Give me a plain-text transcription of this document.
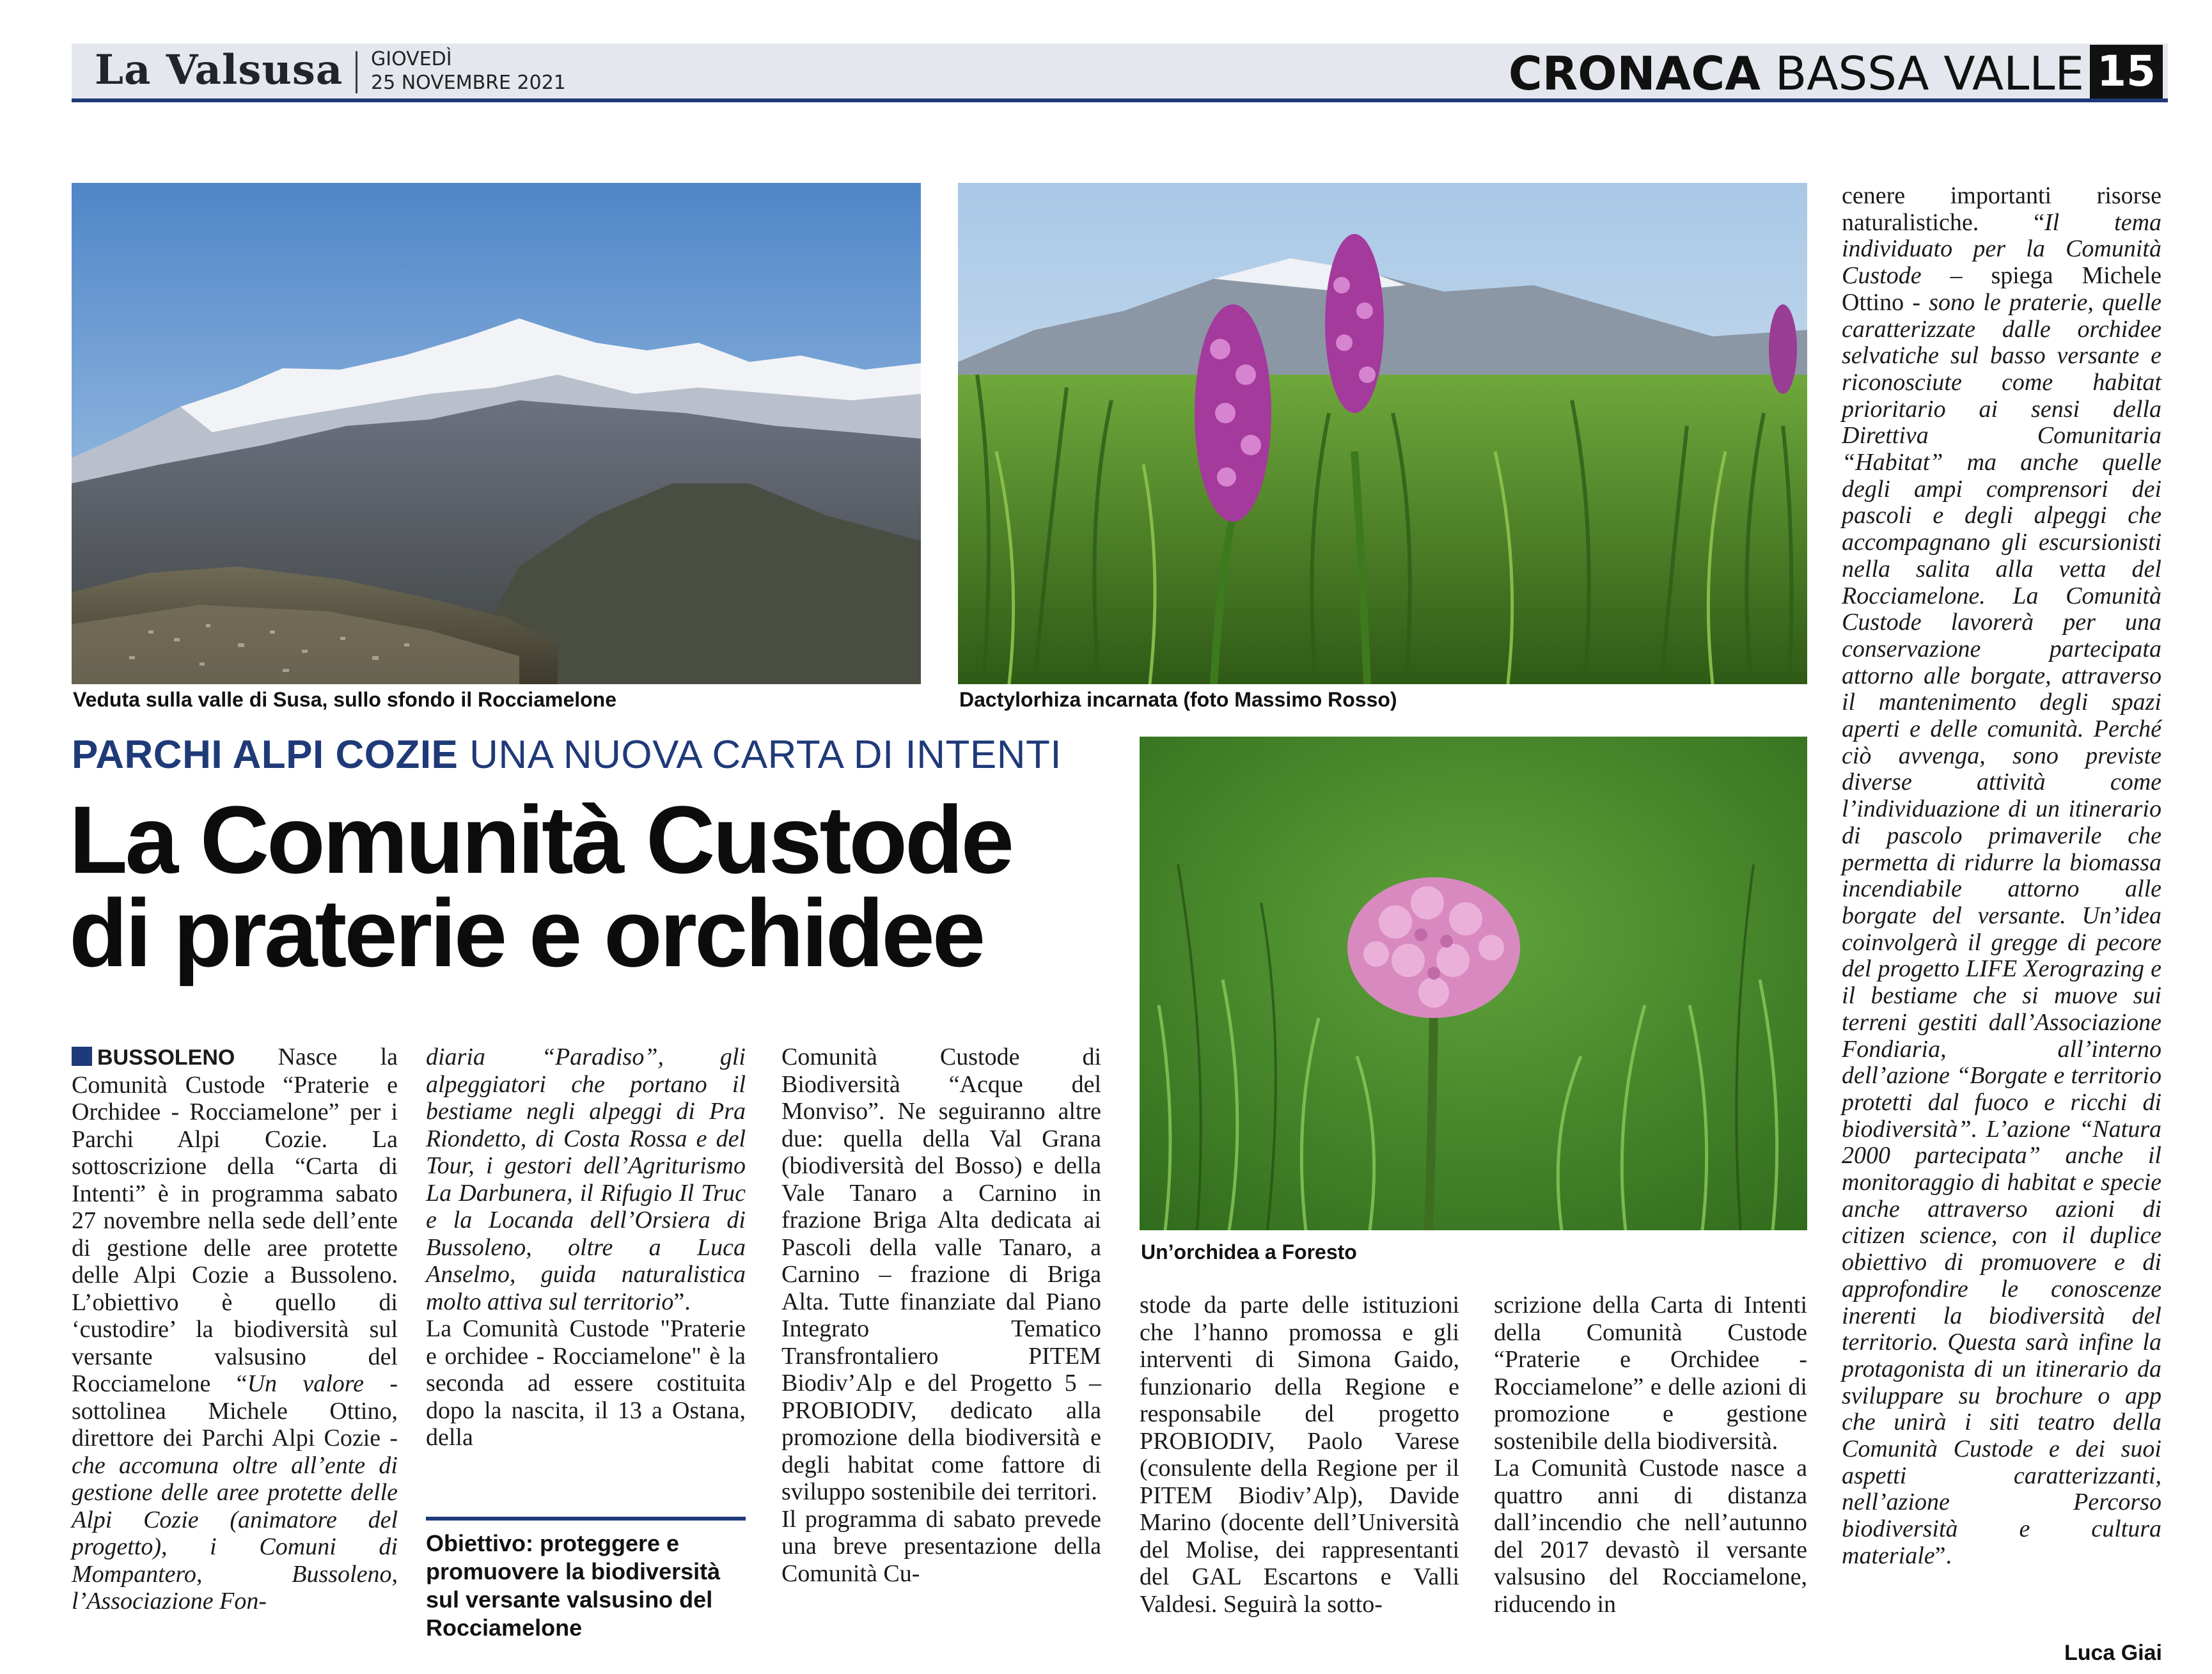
La Valsusa GIOVEDÌ
25 NOVEMBRE 2021	CRONACA BASSA VALLE 15
Veduta sulla valle di Susa, sullo sfondo il Rocciamelone	Dactylorhiza incarnata (foto Massimo Rosso)
PARCHI ALPI COZIE UNA NUOVA CARTA DI INTENTI
La Comunità Custode
di praterie e orchidee
Un’orchidea a Foresto

BUSSOLENO Nasce la Comunità Custode “Praterie e Orchidee - Rocciamelone” per i Parchi Alpi Cozie. La sottoscrizione della “Carta di Intenti” è in programma sabato 27 novembre nella sede dell’ente di gestione delle aree protette delle Alpi Cozie a Bussoleno. L’obiettivo è quello di ‘custodire’ la biodiversità sul versante valsusino del Rocciamelone “Un valore - sottolinea Michele Ottino, direttore dei Parchi Alpi Cozie - che accomuna oltre all’ente di gestione delle aree protette delle Alpi Cozie (animatore del progetto), i Comuni di Mompantero, Bussoleno, l’Associazione Fon-

diaria “Paradiso”, gli alpeggiatori che portano il bestiame negli alpeggi di Pra Riondetto, di Costa Rossa e del Tour, i gestori dell’Agriturismo La Darbunera, il Rifugio Il Truc e la Locanda dell’Orsiera di Bussoleno, oltre a Luca Anselmo, guida naturalistica molto attiva sul territorio”.

La Comunità Custode "Praterie e orchidee - Rocciamelone" è la seconda ad essere costituita dopo la nascita, il 13 a Ostana, della

Obiettivo: proteggere e promuovere la biodiversità sul versante valsusino del Rocciamelone

Comunità Custode di Biodiversità “Acque del Monviso”. Ne seguiranno altre due: quella della Val Grana (biodiversità del Bosso) e della Vale Tanaro a Carnino in frazione Briga Alta dedicata ai Pascoli della valle Tanaro, a Carnino – frazione di Briga Alta. Tutte finanziate dal Piano Integrato Tematico Transfrontaliero PITEM Biodiv’Alp e del Progetto 5 –PROBIODIV, dedicato alla promozione della biodiversità e degli habitat come fattore di sviluppo sostenibile dei territori.

Il programma di sabato prevede una breve presentazione della Comunità Cu-

stode da parte delle istituzioni che l’hanno promossa e gli interventi di Simona Gaido, funzionario della Regione e responsabile del progetto PROBIODIV, Paolo Varese (consulente della Regione per il PITEM Biodiv’Alp), Davide Marino (docente dell’Università del Molise, dei rappresentanti del GAL Escartons e Valli Valdesi. Seguirà la sotto-

scrizione della Carta di Intenti della Comunità Custode “Praterie e Orchidee - Rocciamelone” e delle azioni di promozione e gestione sostenibile della biodiversità.

La Comunità Custode nasce a quattro anni di distanza dall’incendio che nell’autunno del 2017 devastò il versante valsusino del Rocciamelone, riducendo in

cenere importanti risorse naturalistiche. “Il tema individuato per la Comunità Custode – spiega Michele Ottino - sono le praterie, quelle caratterizzate dalle orchidee selvatiche sul basso versante e riconosciute come habitat prioritario ai sensi della Direttiva Comunitaria “Habitat” ma anche quelle degli ampi comprensori dei pascoli e degli alpeggi che accompagnano gli escursionisti nella salita alla vetta del Rocciamelone. La Comunità Custode lavorerà per una conservazione partecipata attorno alle borgate, attraverso il mantenimento degli spazi aperti e delle comunità. Perché ciò avvenga, sono previste diverse attività come l’individuazione di un itinerario di pascolo primaverile che permetta di ridurre la biomassa incendiabile attorno alle borgate del versante. Un’idea coinvolgerà il gregge di pecore del progetto LIFE Xerograzing e il bestiame che si muove sui terreni gestiti dall’Associazione Fondiaria, all’interno dell’azione “Borgate e territorio protetti dal fuoco e ricchi di biodiversità”. L’azione “Natura 2000 partecipata” anche il monitoraggio di habitat e specie anche attraverso azioni di citizen science, con il duplice obiettivo di promuovere e di approfondire le conoscenze inerenti la biodiversità del territorio. Questa sarà infine la protagonista di un itinerario da sviluppare su brochure o app che unirà i siti teatro della Comunità Custode e dei suoi aspetti caratterizzanti, nell’azione Percorso biodiversità e cultura materiale”.

Luca Giai
